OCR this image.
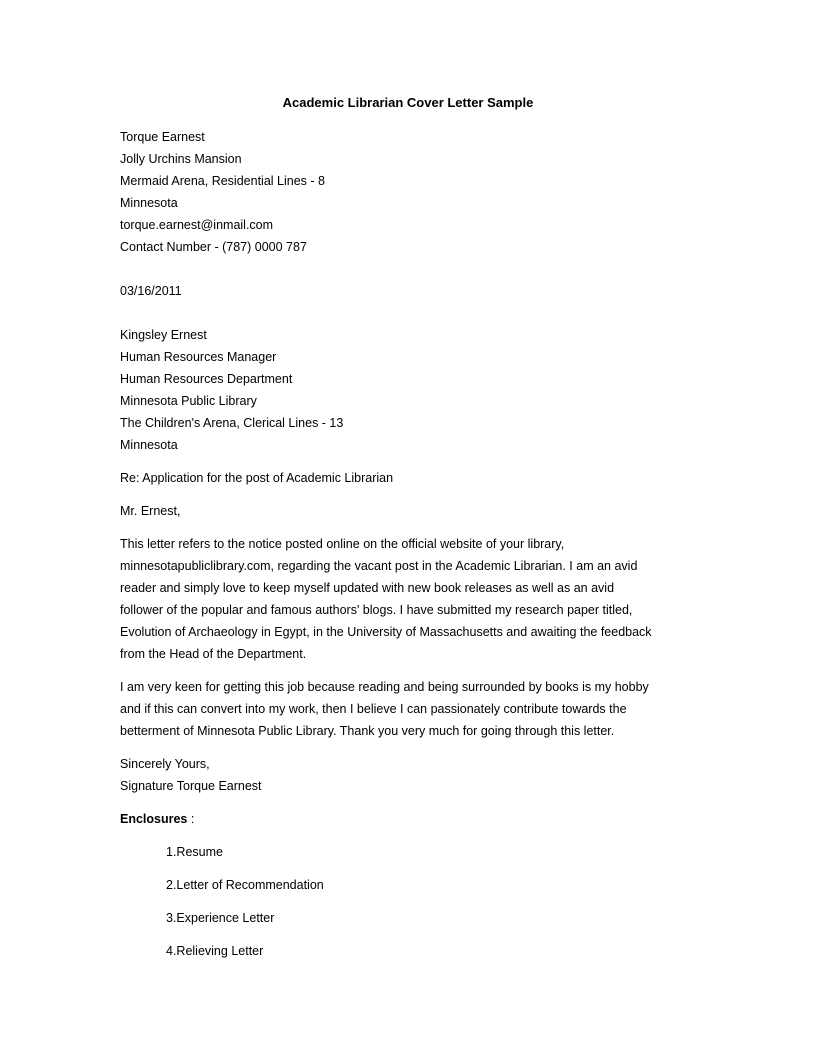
Academic Librarian Cover Letter Sample
Torque Earnest
Jolly Urchins Mansion
Mermaid Arena, Residential Lines - 8
Minnesota
torque.earnest@inmail.com
Contact Number - (787) 0000 787
03/16/2011
Kingsley Ernest
Human Resources Manager
Human Resources Department
Minnesota Public Library
The Children's Arena, Clerical Lines - 13
Minnesota
Re: Application for the post of Academic Librarian
Mr. Ernest,
This letter refers to the notice posted online on the official website of your library,
minnesotapubliclibrary.com, regarding the vacant post in the Academic Librarian. I am an avid
reader and simply love to keep myself updated with new book releases as well as an avid
follower of the popular and famous authors' blogs. I have submitted my research paper titled,
Evolution of Archaeology in Egypt, in the University of Massachusetts and awaiting the feedback
from the Head of the Department.
I am very keen for getting this job because reading and being surrounded by books is my hobby
and if this can convert into my work, then I believe I can passionately contribute towards the
betterment of Minnesota Public Library. Thank you very much for going through this letter.
Sincerely Yours,
Signature Torque Earnest
Enclosures :
1.Resume
2.Letter of Recommendation
3.Experience Letter
4.Relieving Letter
